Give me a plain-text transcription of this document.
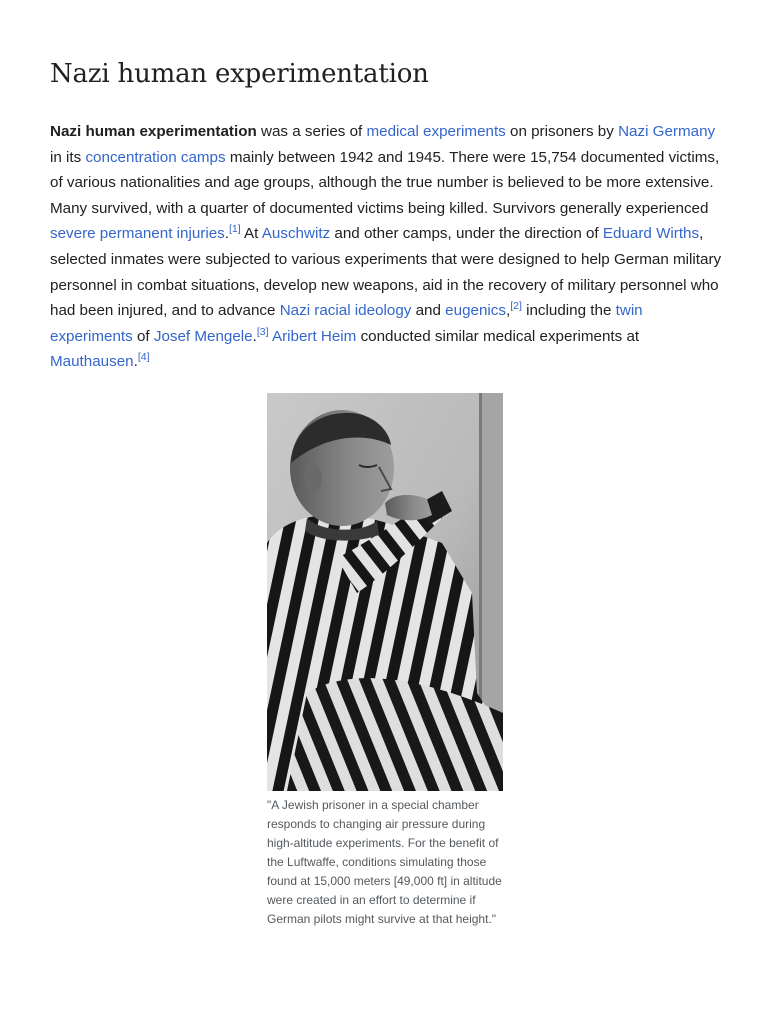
Nazi human experimentation

Nazi human experimentation was a series of medical experiments on prisoners by Nazi Germany in its concentration camps mainly between 1942 and 1945. There were 15,754 documented victims, of various nationalities and age groups, although the true number is believed to be more extensive. Many survived, with a quarter of documented victims being killed. Survivors generally experienced severe permanent injuries.[1] At Auschwitz and other camps, under the direction of Eduard Wirths, selected inmates were subjected to various experiments that were designed to help German military personnel in combat situations, develop new weapons, aid in the recovery of military personnel who had been injured, and to advance Nazi racial ideology and eugenics,[2] including the twin experiments of Josef Mengele.[3] Aribert Heim conducted similar medical experiments at Mauthausen.[4]

"A Jewish prisoner in a special chamber responds to changing air pressure during high-altitude experiments. For the benefit of the Luftwaffe, conditions simulating those found at 15,000 meters [49,000 ft] in altitude were created in an effort to determine if German pilots might survive at that height."
